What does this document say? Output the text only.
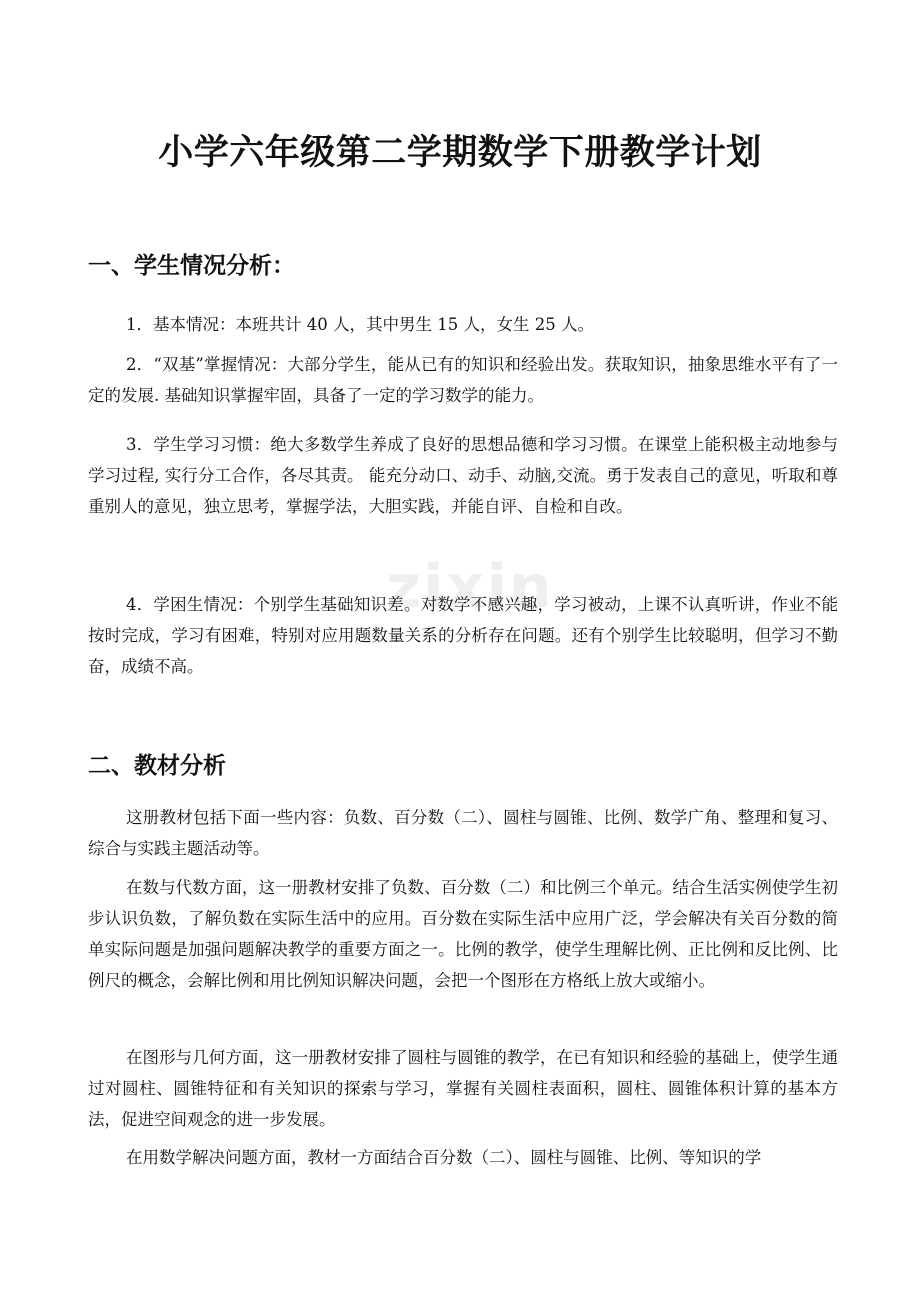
zixin
小学六年级第二学期数学下册教学计划
一、学生情况分析：

1．基本情况：本班共计 40 人，其中男生 15 人，女生 25 人。

2．“双基”掌握情况：大部分学生，能从已有的知识和经验出发。获取知识，抽象思维水平有了一定的发展. 基础知识掌握牢固，具备了一定的学习数学的能力。

3．学生学习习惯：绝大多数学生养成了良好的思想品德和学习习惯。在课堂上能积极主动地参与学习过程, 实行分工合作，各尽其责。 能充分动口、动手、动脑,交流。勇于发表自己的意见，听取和尊重别人的意见，独立思考，掌握学法，大胆实践，并能自评、自检和自改。

4．学困生情况：个别学生基础知识差。对数学不感兴趣，学习被动，上课不认真听讲，作业不能按时完成，学习有困难，特别对应用题数量关系的分析存在问题。还有个别学生比较聪明，但学习不勤奋，成绩不高。

二、教材分析

这册教材包括下面一些内容：负数、百分数（二）、圆柱与圆锥、比例、数学广角、整理和复习、综合与实践主题活动等。

在数与代数方面，这一册教材安排了负数、百分数（二）和比例三个单元。结合生活实例使学生初步认识负数，了解负数在实际生活中的应用。百分数在实际生活中应用广泛，学会解决有关百分数的简单实际问题是加强问题解决教学的重要方面之一。比例的教学，使学生理解比例、正比例和反比例、比例尺的概念，会解比例和用比例知识解决问题，会把一个图形在方格纸上放大或缩小。

在图形与几何方面，这一册教材安排了圆柱与圆锥的教学，在已有知识和经验的基础上，使学生通过对圆柱、圆锥特征和有关知识的探索与学习，掌握有关圆柱表面积，圆柱、圆锥体积计算的基本方法，促进空间观念的进一步发展。

在用数学解决问题方面，教材一方面结合百分数（二）、圆柱与圆锥、比例、等知识的学
